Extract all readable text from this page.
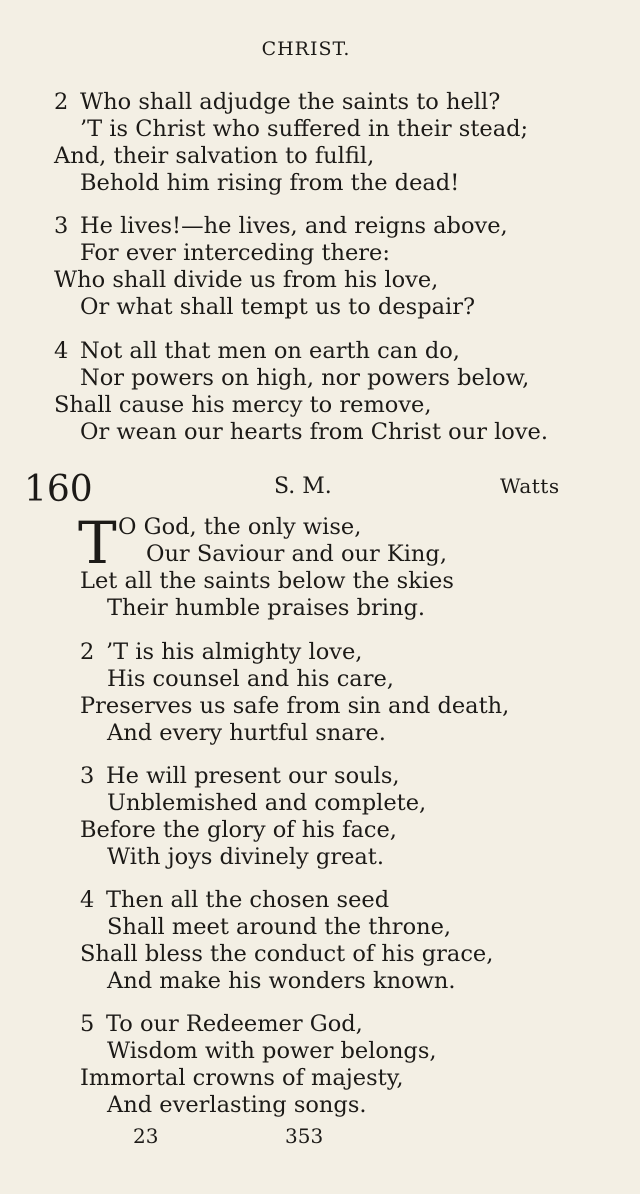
CHRIST.
2 Who shall adjudge the saints to hell?
’T is Christ who suffered in their stead;
And, their salvation to fulfil,
Behold him rising from the dead!
3 He lives!—he lives, and reigns above,
For ever interceding there:
Who shall divide us from his love,
Or what shall tempt us to despair?
4 Not all that men on earth can do,
Nor powers on high, nor powers below,
Shall cause his mercy to remove,
Or wean our hearts from Christ our love.
160	S. M.	Watts
T O God, the only wise,
Our Saviour and our King,
Let all the saints below the skies
Their humble praises bring.
2 ’T is his almighty love,
His counsel and his care,
Preserves us safe from sin and death,
And every hurtful snare.
3 He will present our souls,
Unblemished and complete,
Before the glory of his face,
With joys divinely great.
4 Then all the chosen seed
Shall meet around the throne,
Shall bless the conduct of his grace,
And make his wonders known.
5 To our Redeemer God,
Wisdom with power belongs,
Immortal crowns of majesty,
And everlasting songs.
23	353
